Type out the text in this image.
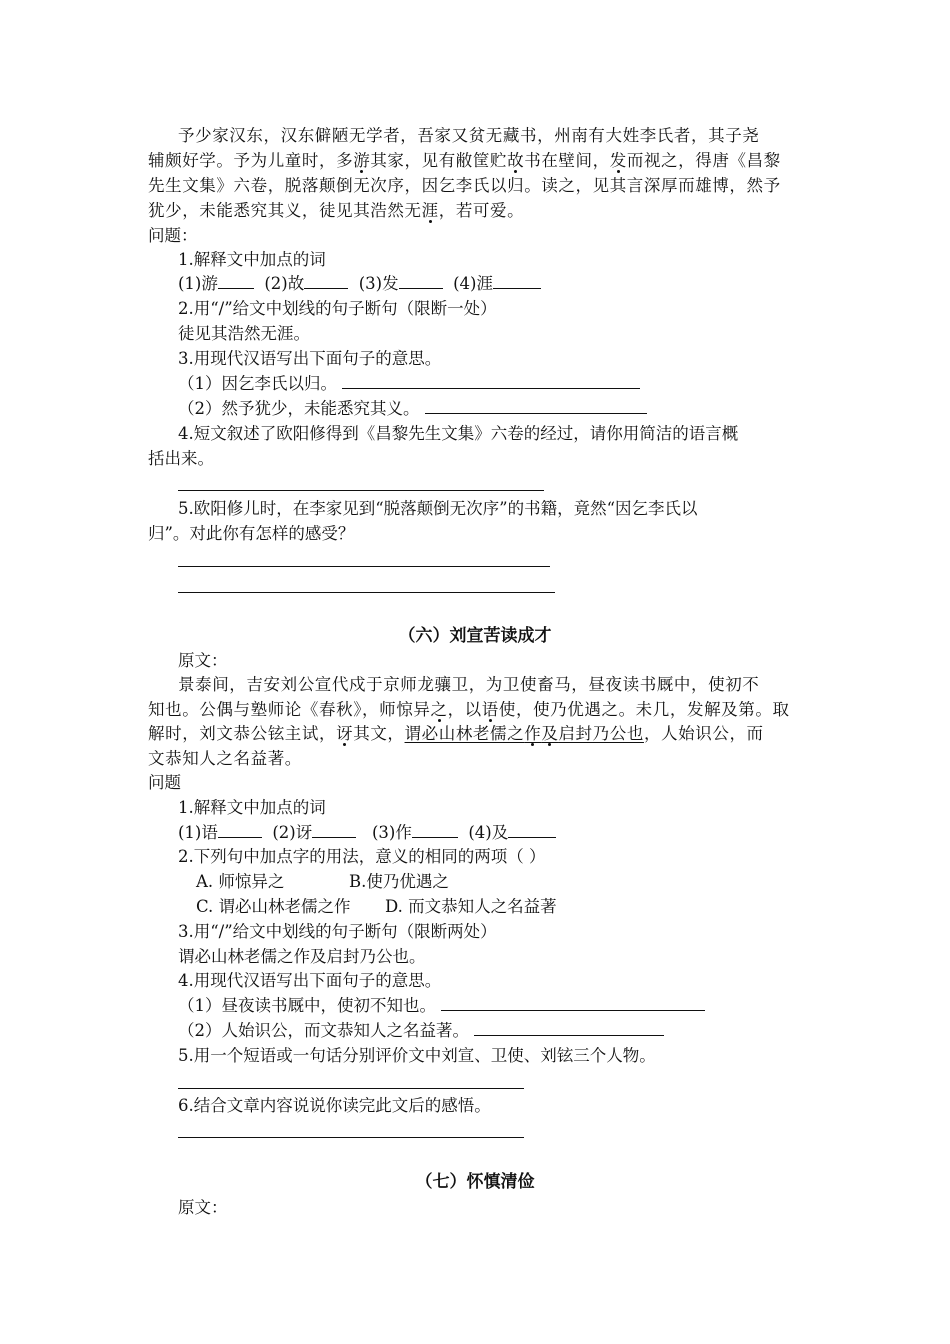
予少家汉东，汉东僻陋无学者，吾家又贫无藏书，州南有大姓李氏者，其子尧
辅颇好学。予为儿童时，多游其家，见有敝筐贮故书在壁间，发而视之，得唐《昌黎
先生文集》六卷，脱落颠倒无次序，因乞李氏以归。读之，见其言深厚而雄博，然予
犹少，未能悉究其义，徒见其浩然无涯，若可爱。
问题：
1.解释文中加点的词
(1)游	(2)故	(3)发	(4)涯
2.用“/”给文中划线的句子断句（限断一处）
徒见其浩然无涯。
3.用现代汉语写出下面句子的意思。
（1）因乞李氏以归。
（2）然予犹少，未能悉究其义。
4.短文叙述了欧阳修得到《昌黎先生文集》六卷的经过，请你用简洁的语言概
括出来。
5.欧阳修儿时，在李家见到“脱落颠倒无次序”的书籍，竟然“因乞李氏以
归”。对此你有怎样的感受？
（六）刘宣苦读成才
原文：
景泰间，吉安刘公宣代戍于京师龙骧卫，为卫使畜马，昼夜读书厩中，使初不
知也。公偶与塾师论《春秋》，师惊异之，以语使，使乃优遇之。未几，发解及第。取
解时，刘文恭公铉主试，讶其文，谓必山林老儒之作及启封乃公也，人始识公，而
文恭知人之名益著。
问题
1.解释文中加点的词
(1)语	(2)讶	(3)作	(4)及
2.下列句中加点字的用法，意义的相同的两项（ ）
A. 师惊异之	B.使乃优遇之
C. 谓必山林老儒之作 D. 而文恭知人之名益著
3.用“/”给文中划线的句子断句（限断两处）
谓必山林老儒之作及启封乃公也。
4.用现代汉语写出下面句子的意思。
（1）昼夜读书厩中，使初不知也。
（2）人始识公，而文恭知人之名益著。
5.用一个短语或一句话分别评价文中刘宣、卫使、刘铉三个人物。
6.结合文章内容说说你读完此文后的感悟。
（七）怀慎清俭
原文：
